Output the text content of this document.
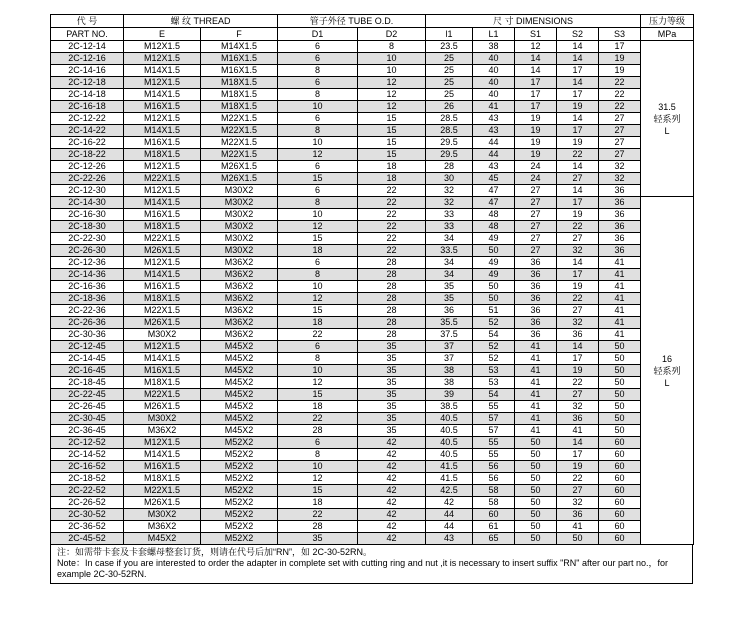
代 号	螺 纹 THREAD		管子外径 TUBE O.D.		尺 寸 DIMENSIONS					压力等级
PART NO.	E	F	D1	D2	l1	L1	S1	S2	S3	MPa
2C-12-14	M12X1.5	M14X1.5	6	8	23.5	38	12	14	17	31.5
轻系列
L

2C-12-16	M12X1.5	M16X1.5	6	10	25	40	14	14	19	
2C-14-16	M14X1.5	M16X1.5	8	10	25	40	14	17	19	
2C-12-18	M12X1.5	M18X1.5	6	12	25	40	17	14	22	
2C-14-18	M14X1.5	M18X1.5	8	12	25	40	17	17	22	
2C-16-18	M16X1.5	M18X1.5	10	12	26	41	17	19	22	
2C-12-22	M12X1.5	M22X1.5	6	15	28.5	43	19	14	27	
2C-14-22	M14X1.5	M22X1.5	8	15	28.5	43	19	17	27	
2C-16-22	M16X1.5	M22X1.5	10	15	29.5	44	19	19	27	
2C-18-22	M18X1.5	M22X1.5	12	15	29.5	44	19	22	27	
2C-12-26	M12X1.5	M26X1.5	6	18	28	43	24	14	32	
2C-22-26	M22X1.5	M26X1.5	15	18	30	45	24	27	32	
2C-12-30	M12X1.5	M30X2	6	22	32	47	27	14	36	
2C-14-30	M14X1.5	M30X2	8	22	32	47	27	17	36	16
轻系列
L

2C-16-30	M16X1.5	M30X2	10	22	33	48	27	19	36	
2C-18-30	M18X1.5	M30X2	12	22	33	48	27	22	36	
2C-22-30	M22X1.5	M30X2	15	22	34	49	27	27	36	
2C-26-30	M26X1.5	M30X2	18	22	33.5	50	27	32	36	
2C-12-36	M12X1.5	M36X2	6	28	34	49	36	14	41	
2C-14-36	M14X1.5	M36X2	8	28	34	49	36	17	41	
2C-16-36	M16X1.5	M36X2	10	28	35	50	36	19	41	
2C-18-36	M18X1.5	M36X2	12	28	35	50	36	22	41	
2C-22-36	M22X1.5	M36X2	15	28	36	51	36	27	41	
2C-26-36	M26X1.5	M36X2	18	28	35.5	52	36	32	41	
2C-30-36	M30X2	M36X2	22	28	37.5	54	36	36	41	
2C-12-45	M12X1.5	M45X2	6	35	37	52	41	14	50	
2C-14-45	M14X1.5	M45X2	8	35	37	52	41	17	50	
2C-16-45	M16X1.5	M45X2	10	35	38	53	41	19	50	
2C-18-45	M18X1.5	M45X2	12	35	38	53	41	22	50	
2C-22-45	M22X1.5	M45X2	15	35	39	54	41	27	50	
2C-26-45	M26X1.5	M45X2	18	35	38.5	55	41	32	50	
2C-30-45	M30X2	M45X2	22	35	40.5	57	41	36	50	
2C-36-45	M36X2	M45X2	28	35	40.5	57	41	41	50	
2C-12-52	M12X1.5	M52X2	6	42	40.5	55	50	14	60	
2C-14-52	M14X1.5	M52X2	8	42	40.5	55	50	17	60	
2C-16-52	M16X1.5	M52X2	10	42	41.5	56	50	19	60	
2C-18-52	M18X1.5	M52X2	12	42	41.5	56	50	22	60	
2C-22-52	M22X1.5	M52X2	15	42	42.5	58	50	27	60	
2C-26-52	M26X1.5	M52X2	18	42	42	58	50	32	60	
2C-30-52	M30X2	M52X2	22	42	44	60	50	36	60	
2C-36-52	M36X2	M52X2	28	42	44	61	50	41	60	
2C-45-52	M45X2	M52X2	35	42	43	65	50	50	60	
注：如需带卡套及卡套螺母整套订货，则请在代号后加“RN”，如 2C-30-52RN。
Note：In case if you are interested to order the adapter in complete set with cutting ring and nut ,it is necessary to insert suffix "RN" after our part no.，for example 2C-30-52RN.
